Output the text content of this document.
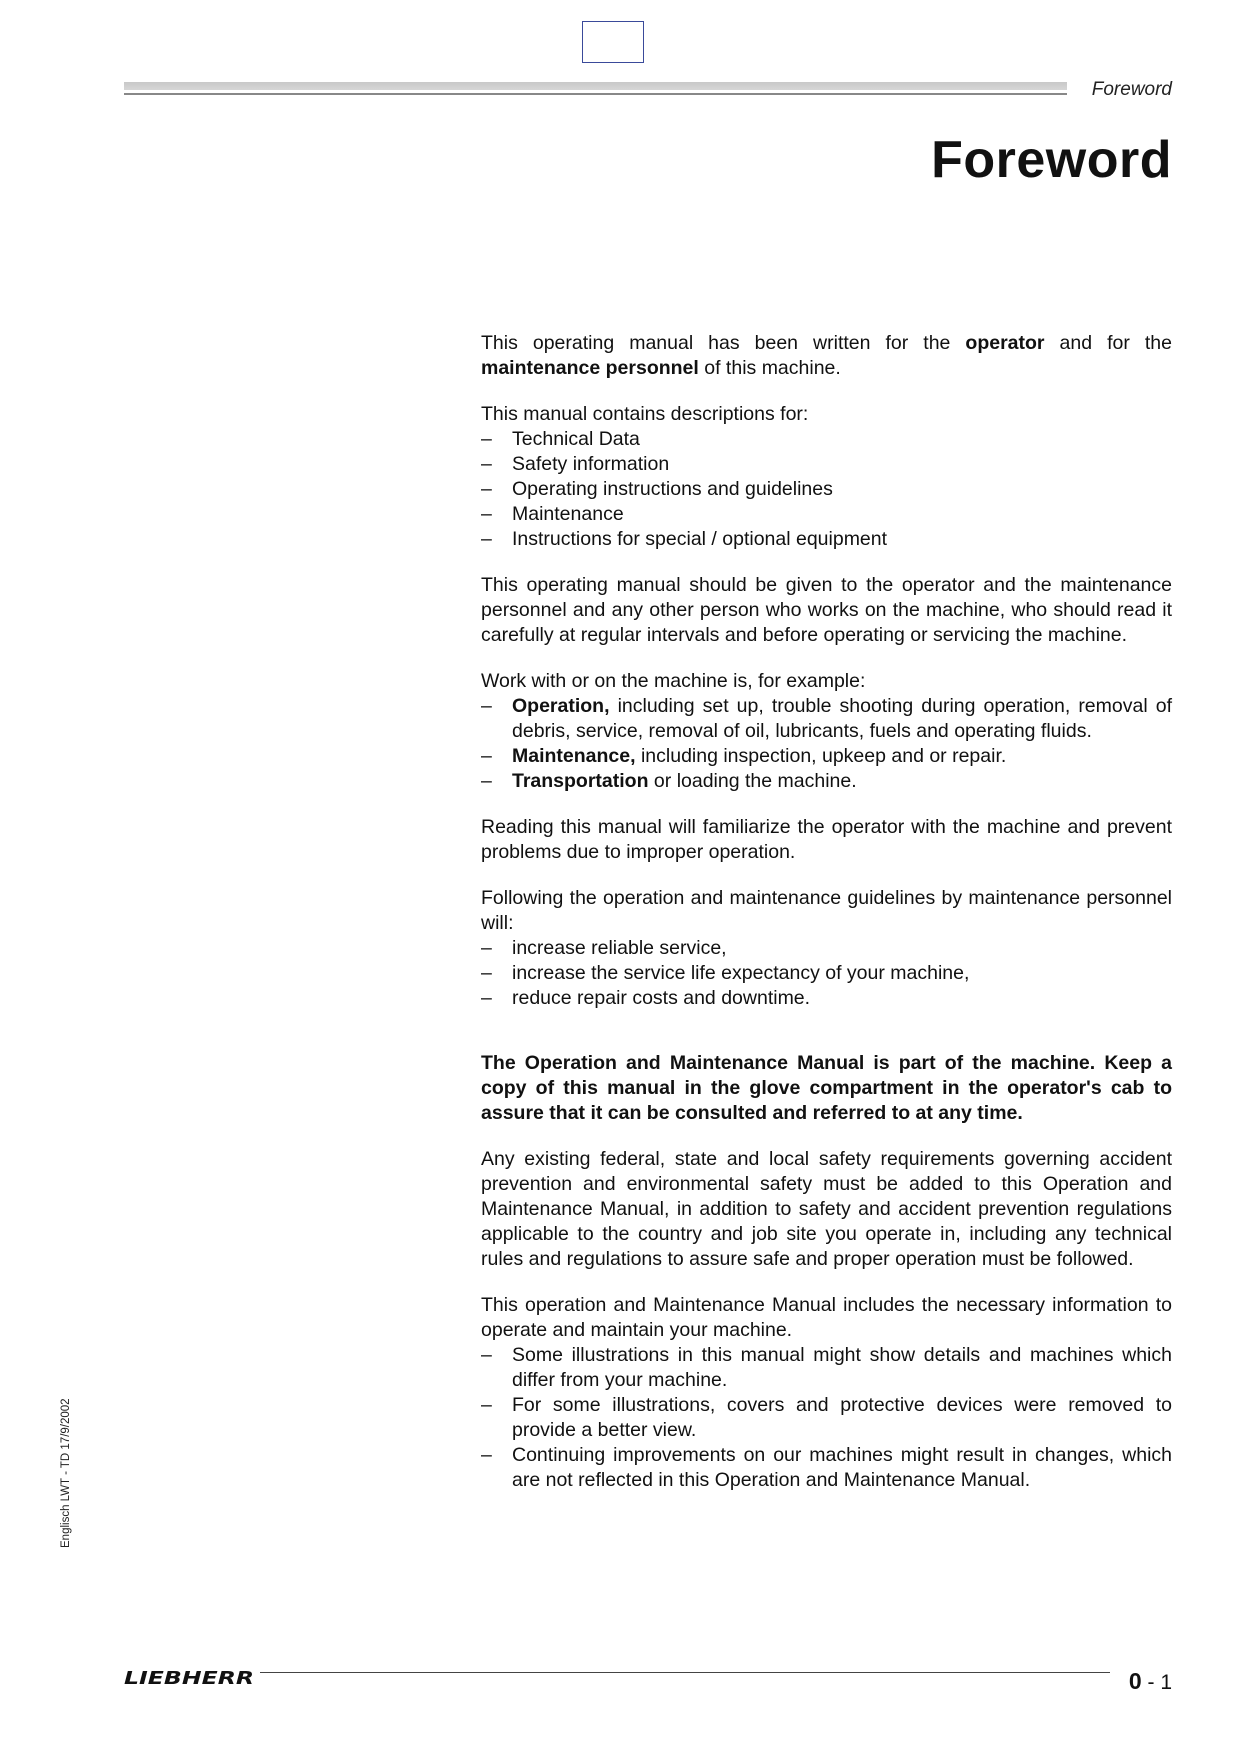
Foreword
Foreword

This operating manual has been written for the operator and for the maintenance personnel of this machine.

This manual contains descriptions for:

–	Technical Data
–	Safety information
–	Operating instructions and guidelines
–	Maintenance
–	Instructions for special / optional equipment

This operating manual should be given to the operator and the maintenance personnel and any other person who works on the machine, who should read it carefully at regular intervals and before operating or servicing the machine.

Work with or on the machine is, for example:

–	Operation, including set up, trouble shooting during operation, removal of debris, service, removal of oil, lubricants, fuels and operating fluids.
–	Maintenance, including inspection, upkeep and or repair.
–	Transportation or loading the machine.

Reading this manual will familiarize the operator with the machine and prevent problems due to improper operation.

Following the operation and maintenance guidelines by maintenance personnel will:

–	increase reliable service,
–	increase the service life expectancy of your machine,
–	reduce repair costs and downtime.

The Operation and Maintenance Manual is part of the machine. Keep a copy of this manual in the glove compartment in the operator's cab to assure that it can be consulted and referred to at any time.

Any existing federal, state and local safety requirements governing accident prevention and environmental safety must be added to this Operation and Maintenance Manual, in addition to safety and accident prevention regulations applicable to the country and job site you operate in, including any technical rules and regulations to assure safe and proper operation must be followed.

This operation and Maintenance Manual includes the necessary information to operate and maintain your machine.

–	Some illustrations in this manual might show details and machines which differ from your machine.
–	For some illustrations, covers and protective devices were removed to provide a better view.
–	Continuing improvements on our machines might result in changes, which are not reflected in this Operation and Maintenance Manual.
Englisch LWT - TD 17/9/2002
LIEBHERR	0 - 1
